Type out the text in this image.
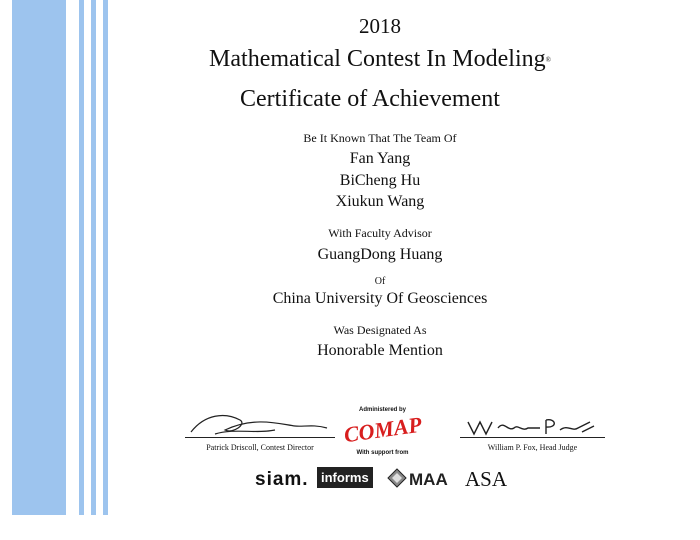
2018
Mathematical Contest In Modeling®
Certificate of Achievement
Be It Known That The Team Of
Fan Yang
BiCheng Hu
Xiukun Wang
With Faculty Advisor
GuangDong Huang
Of
China University Of Geosciences
Was Designated As
Honorable Mention
Patrick Driscoll, Contest Director
Administered by
COMAP
With support from
William P. Fox, Head Judge
siam. informs MAA ASA
